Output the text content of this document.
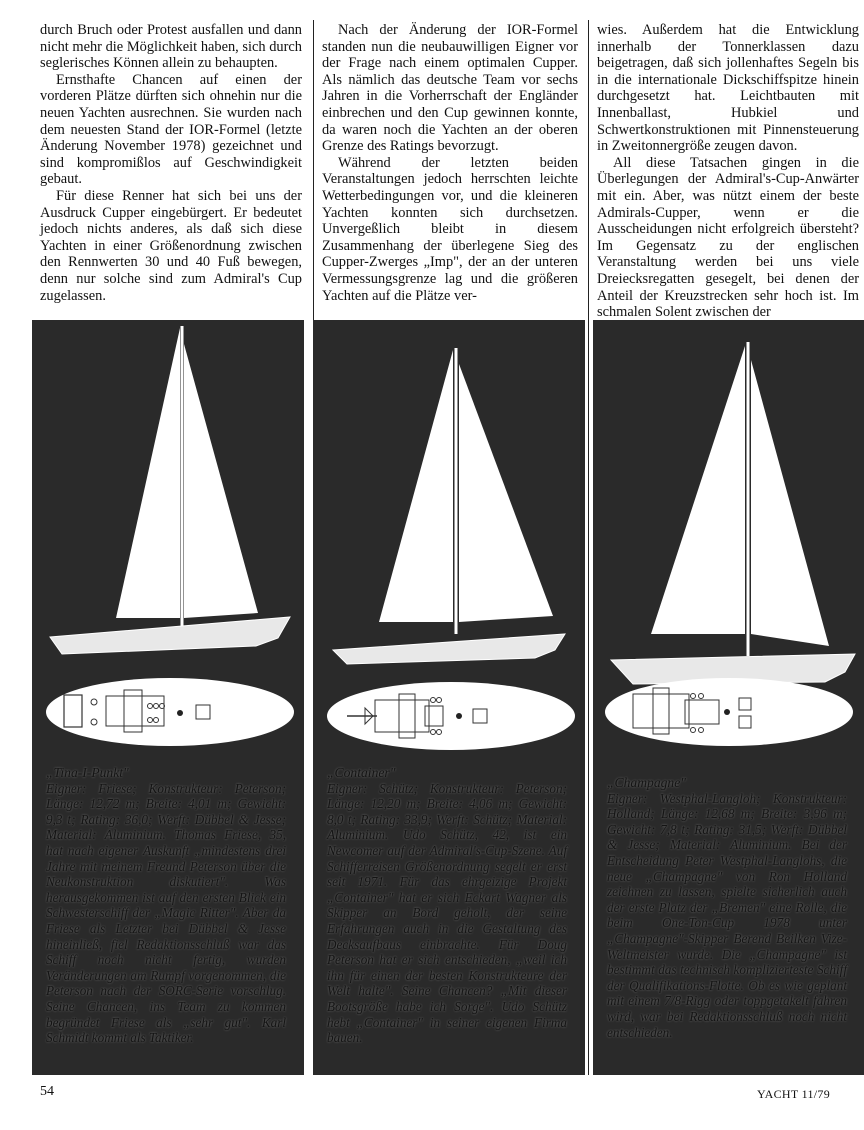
durch Bruch oder Protest ausfallen und dann nicht mehr die Möglichkeit haben, sich durch seglerisches Können allein zu behaupten.

Ernsthafte Chancen auf einen der vorderen Plätze dürften sich ohnehin nur die neuen Yachten ausrechnen. Sie wurden nach dem neuesten Stand der IOR-Formel (letzte Änderung November 1978) gezeichnet und sind kompromißlos auf Geschwindigkeit gebaut.

Für diese Renner hat sich bei uns der Ausdruck Cupper eingebürgert. Er bedeutet jedoch nichts anderes, als daß sich diese Yachten in einer Größenordnung zwischen den Rennwerten 30 und 40 Fuß bewegen, denn nur solche sind zum Admiral's Cup zugelassen.

Nach der Änderung der IOR-Formel standen nun die neubauwilligen Eigner vor der Frage nach einem optimalen Cupper. Als nämlich das deutsche Team vor sechs Jahren in die Vorherrschaft der Engländer einbrechen und den Cup gewinnen konnte, da waren noch die Yachten an der oberen Grenze des Ratings bevorzugt.

Während der letzten beiden Veranstaltungen jedoch herrschten leichte Wetterbedingungen vor, und die kleineren Yachten konnten sich durchsetzen. Unvergeßlich bleibt in diesem Zusammenhang der überlegene Sieg des Cupper-Zwerges „Imp", der an der unteren Vermessungsgrenze lag und die größeren Yachten auf die Plätze ver-

wies. Außerdem hat die Entwicklung innerhalb der Tonnerklassen dazu beigetragen, daß sich jollenhaftes Segeln bis in die internationale Dickschiffspitze hinein durchgesetzt hat. Leichtbauten mit Innenballast, Hubkiel und Schwertkonstruktionen mit Pinnensteuerung in Zweitonnergröße zeugen davon.

All diese Tatsachen gingen in die Überlegungen der Admiral's-Cup-Anwärter mit ein. Aber, was nützt einem der beste Admirals-Cupper, wenn er die Ausscheidungen nicht erfolgreich übersteht? Im Gegensatz zu der englischen Veranstaltung werden bei uns viele Dreiecksregatten gesegelt, bei denen der Anteil der Kreuzstrecken sehr hoch ist. Im schmalen Solent zwischen der

„Tina-I-Punkt"
Eigner: Friese; Konstrukteur: Peterson; Länge: 12,72 m; Breite: 4,01 m; Gewicht: 9,3 t; Rating: 36,0; Werft: Dübbel & Jesse; Material: Aluminium. Thomas Friese, 35, hat nach eigener Auskunft „mindestens drei Jahre mit meinem Freund Peterson über die Neukonstruktion diskutiert". Was herausgekommen ist auf den ersten Blick ein Schwesterschiff der „Magic Ritter". Aber da Friese als Letzter bei Dübbel & Jesse hineinließ, fiel Redaktionsschluß war das Schiff noch nicht fertig, wurden Veränderungen am Rumpf vorgenommen, die Peterson nach der SORC-Serie vorschlug. Seine Chancen, ins Team zu kommen begründet Friese als „sehr gut". Karl Schmidt kommt als Taktiker.
„Container"
Eigner: Schütz; Konstrukteur: Peterson; Länge: 12,20 m; Breite: 4,06 m; Gewicht: 8,0 t; Rating: 33,9; Werft: Schütz; Material: Aluminium. Udo Schütz, 42, ist ein Newcomer auf der Admiral's-Cup-Szene. Auf Schifferreisen Größenordnung segelt er erst seit 1971. Für das ehrgeizige Projekt „Container" hat er sich Eckart Wagner als Skipper an Bord geholt, der seine Erfahrungen auch in die Gestaltung des Decksaufbaus einbrachte. Für Doug Peterson hat er sich entschieden, „weil ich ihn für einen der besten Konstrukteure der Welt halte". Seine Chancen? „Mit dieser Bootsgröße habe ich Sorge". Udo Schütz hebt „Container" in seiner eigenen Firma bauen.
„Champagne"
Eigner: Westphal-Langloh; Konstrukteur: Holland; Länge: 12,68 m; Breite: 3,96 m; Gewicht: 7,8 t; Rating: 31,5; Werft: Dübbel & Jesse; Material: Aluminium. Bei der Entscheidung Peter Westphal-Langlohs, die neue „Champagne" von Ron Holland zeichnen zu lassen, spielte sicherlich auch der erste Platz der „Bremen" eine Rolle, die beim One-Ton-Cup 1978 unter „Champagne"-Skipper Berend Beilken Vize-Weltmeister wurde. Die „Champagne" ist bestimmt das technisch komplizierteste Schiff der Qualifikations-Flotte. Ob es wie geplant mit einem 7/8-Rigg oder toppgetakelt fahren wird, war bei Redaktionsschluß noch nicht entschieden.
54	YACHT 11/79
